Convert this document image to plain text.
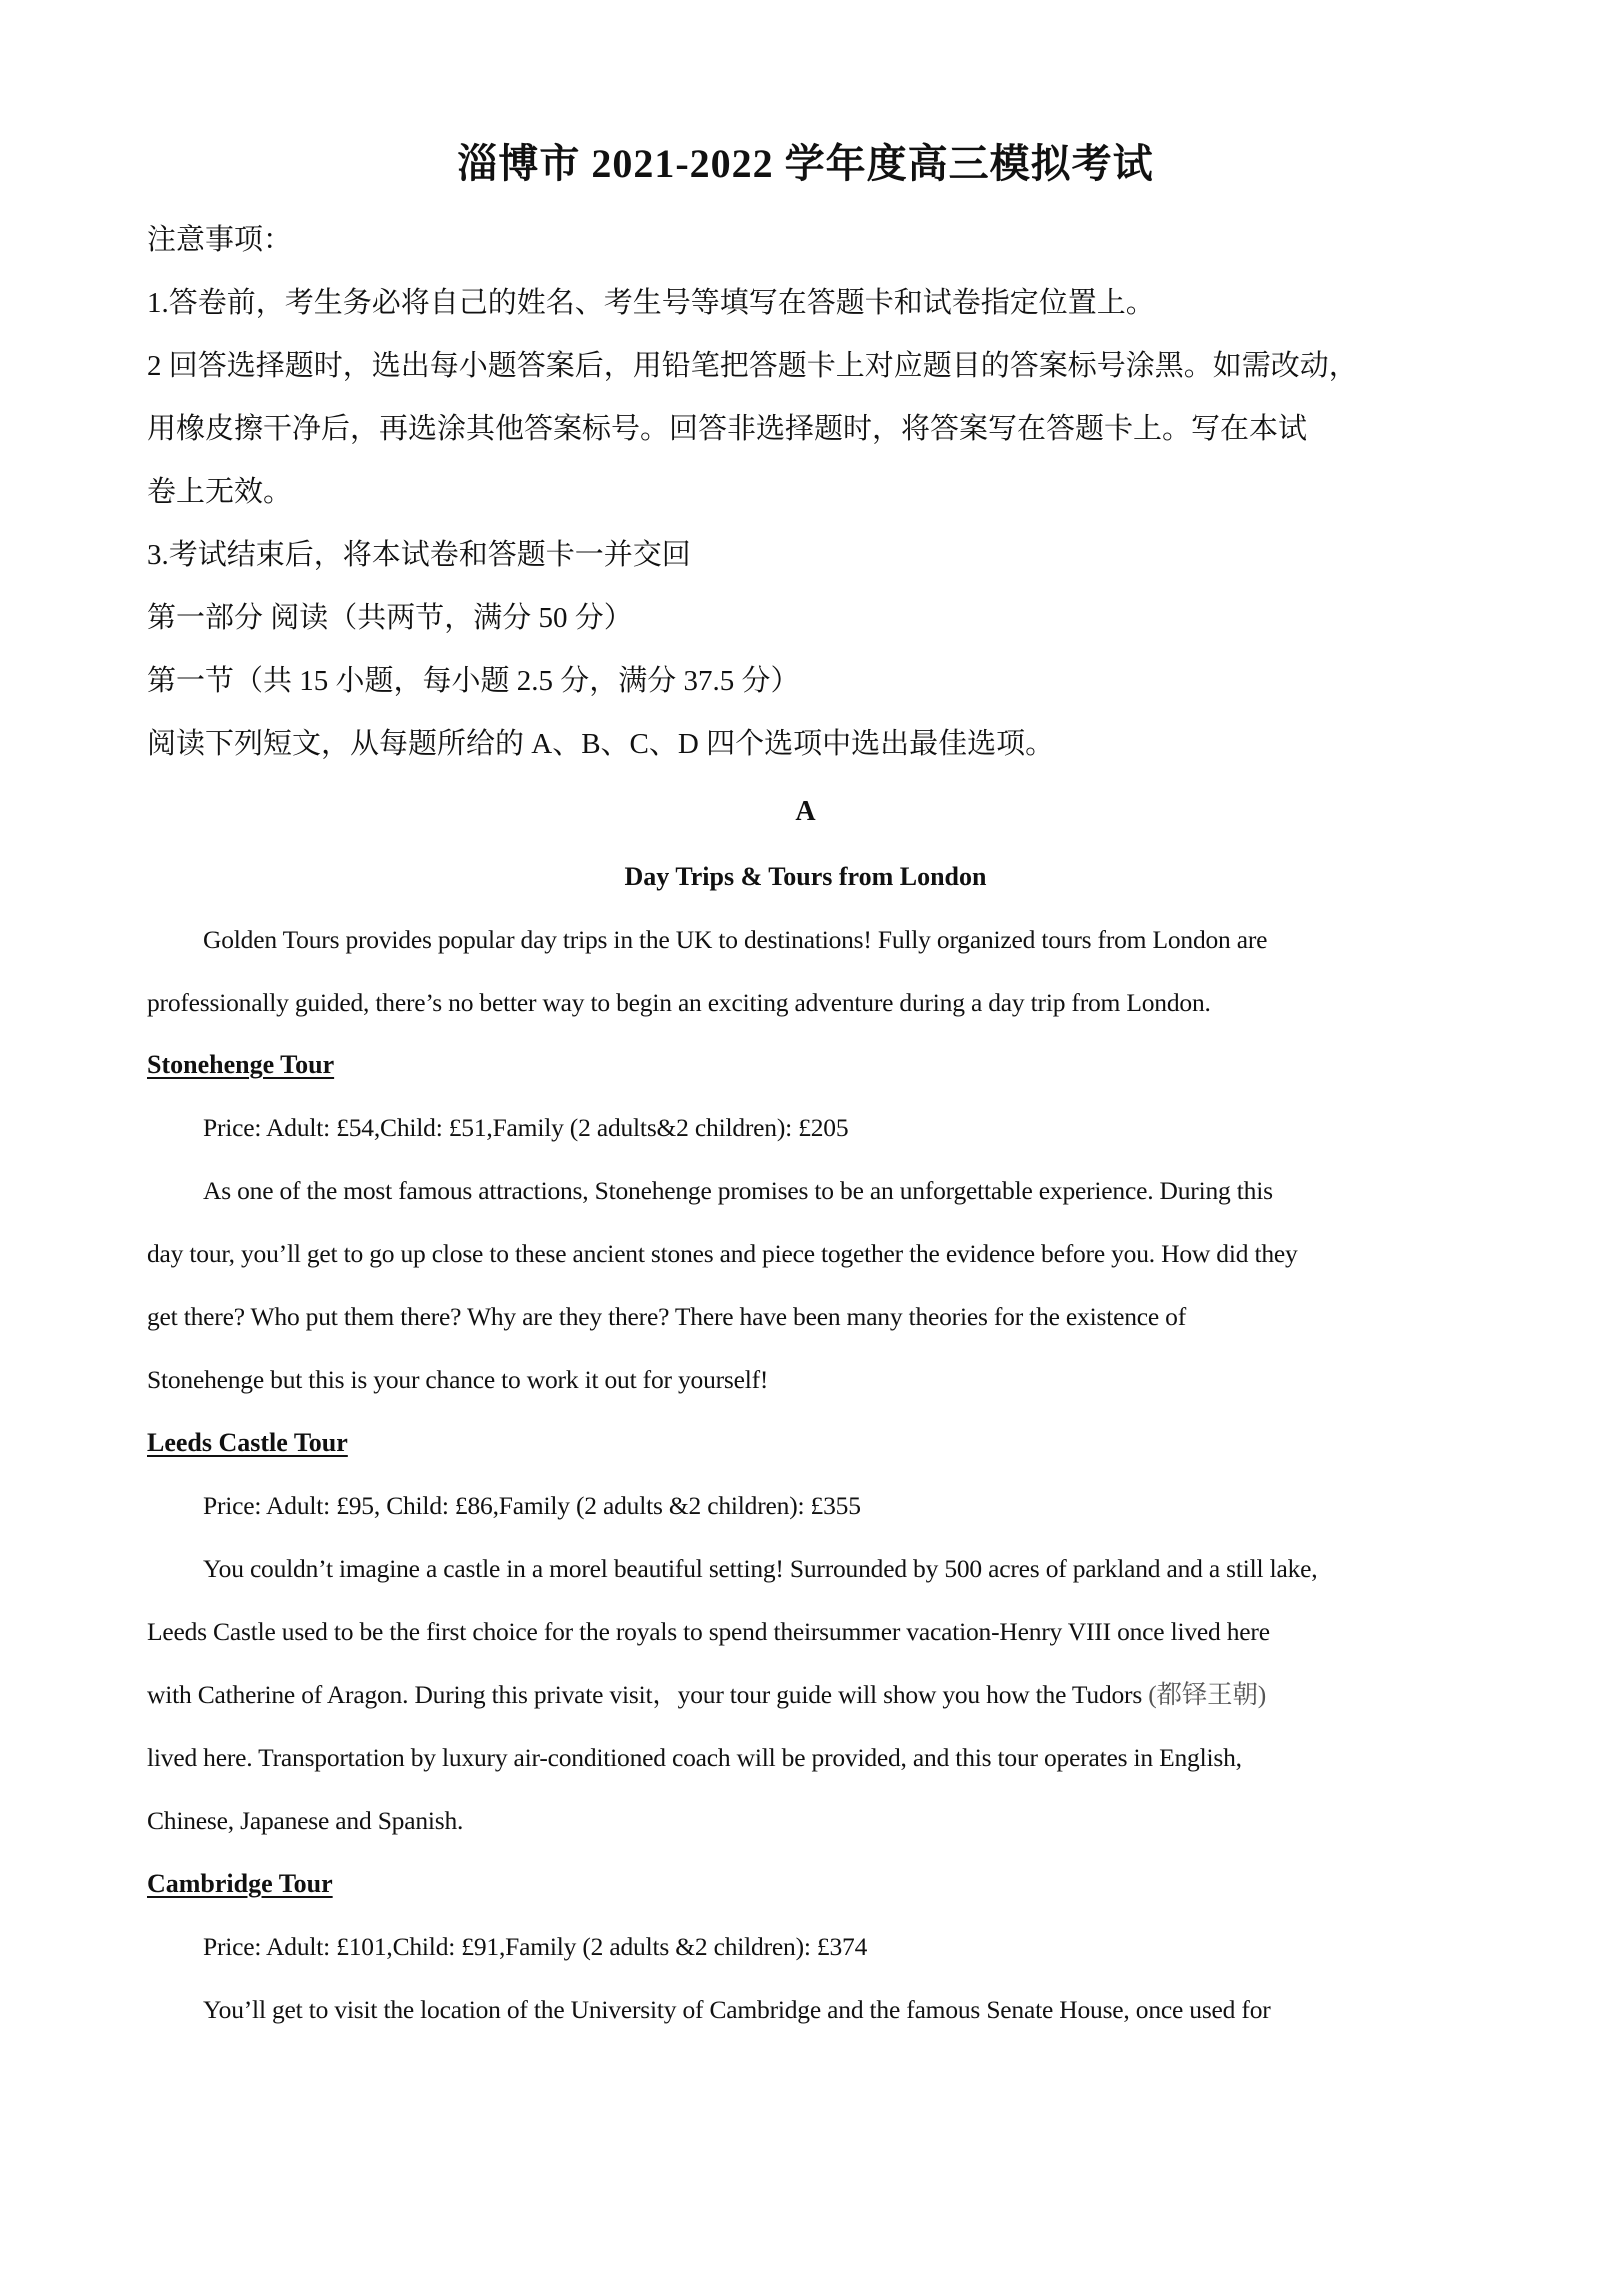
淄博市 2021-2022 学年度高三模拟考试
注意事项：
1.答卷前，考生务必将自己的姓名、考生号等填写在答题卡和试卷指定位置上。
2 回答选择题时，选出每小题答案后，用铅笔把答题卡上对应题目的答案标号涂黑。如需改动，
用橡皮擦干净后，再选涂其他答案标号。回答非选择题时，将答案写在答题卡上。写在本试
卷上无效。
3.考试结束后，将本试卷和答题卡一并交回
第一部分 阅读（共两节，满分 50 分）
第一节（共 15 小题，每小题 2.5 分，满分 37.5 分）
阅读下列短文，从每题所给的 A、B、C、D 四个选项中选出最佳选项。
A
Day Trips & Tours from London
Golden Tours provides popular day trips in the UK to destinations! Fully organized tours from London are
professionally guided, there’s no better way to begin an exciting adventure during a day trip from London.
Stonehenge Tour
Price: Adult: £54,Child: £51,Family (2 adults&2 children): £205
As one of the most famous attractions, Stonehenge promises to be an unforgettable experience. During this
day tour, you’ll get to go up close to these ancient stones and piece together the evidence before you. How did they
get there? Who put them there? Why are they there? There have been many theories for the existence of
Stonehenge but this is your chance to work it out for yourself!
Leeds Castle Tour
Price: Adult: £95, Child: £86,Family (2 adults &2 children): £355
You couldn’t imagine a castle in a morel beautiful setting! Surrounded by 500 acres of parkland and a still lake,
Leeds Castle used to be the first choice for the royals to spend theirsummer vacation-Henry VIII once lived here
with Catherine of Aragon. During this private visit，your tour guide will show you how the Tudors (都铎王朝)
lived here. Transportation by luxury air-conditioned coach will be provided, and this tour operates in English,
Chinese, Japanese and Spanish.
Cambridge Tour
Price: Adult: £101,Child: £91,Family (2 adults &2 children): £374
You’ll get to visit the location of the University of Cambridge and the famous Senate House, once used for
